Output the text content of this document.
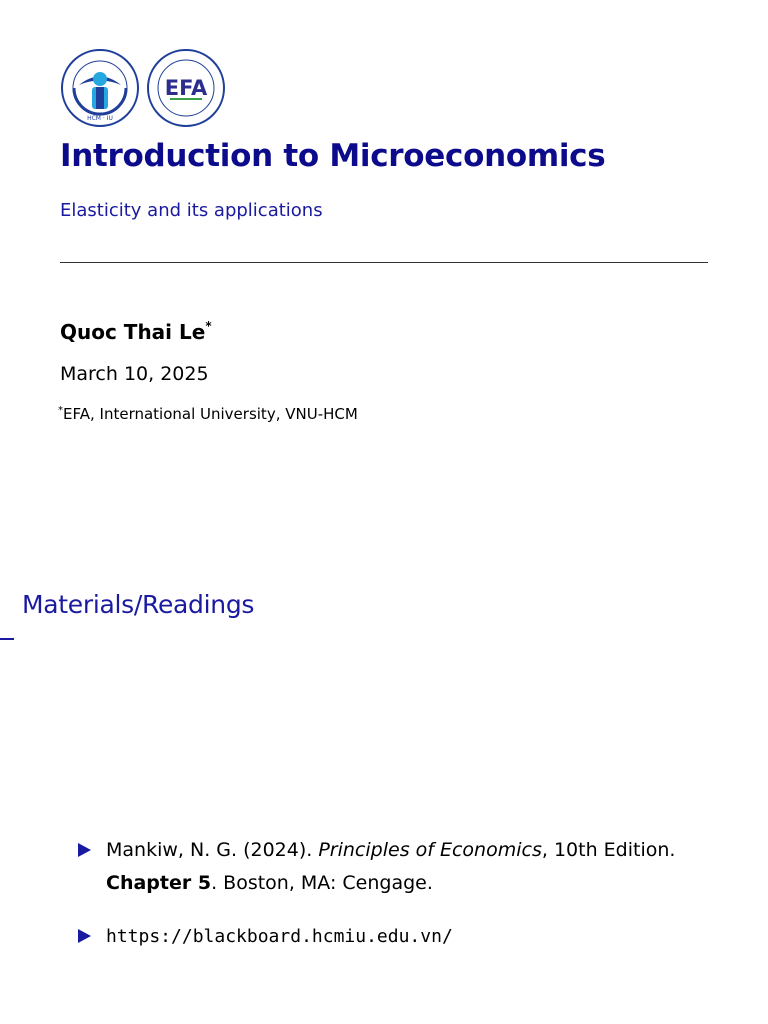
HCM · IU
EFA
Introduction to Microeconomics
Elasticity and its applications

Quoc Thai Le*

March 10, 2025

*EFA, International University, VNU-HCM

Materials/Readings
Mankiw, N. G. (2024). Principles of Economics, 10th Edition.
Chapter 5. Boston, MA: Cengage.
https://blackboard.hcmiu.edu.vn/
